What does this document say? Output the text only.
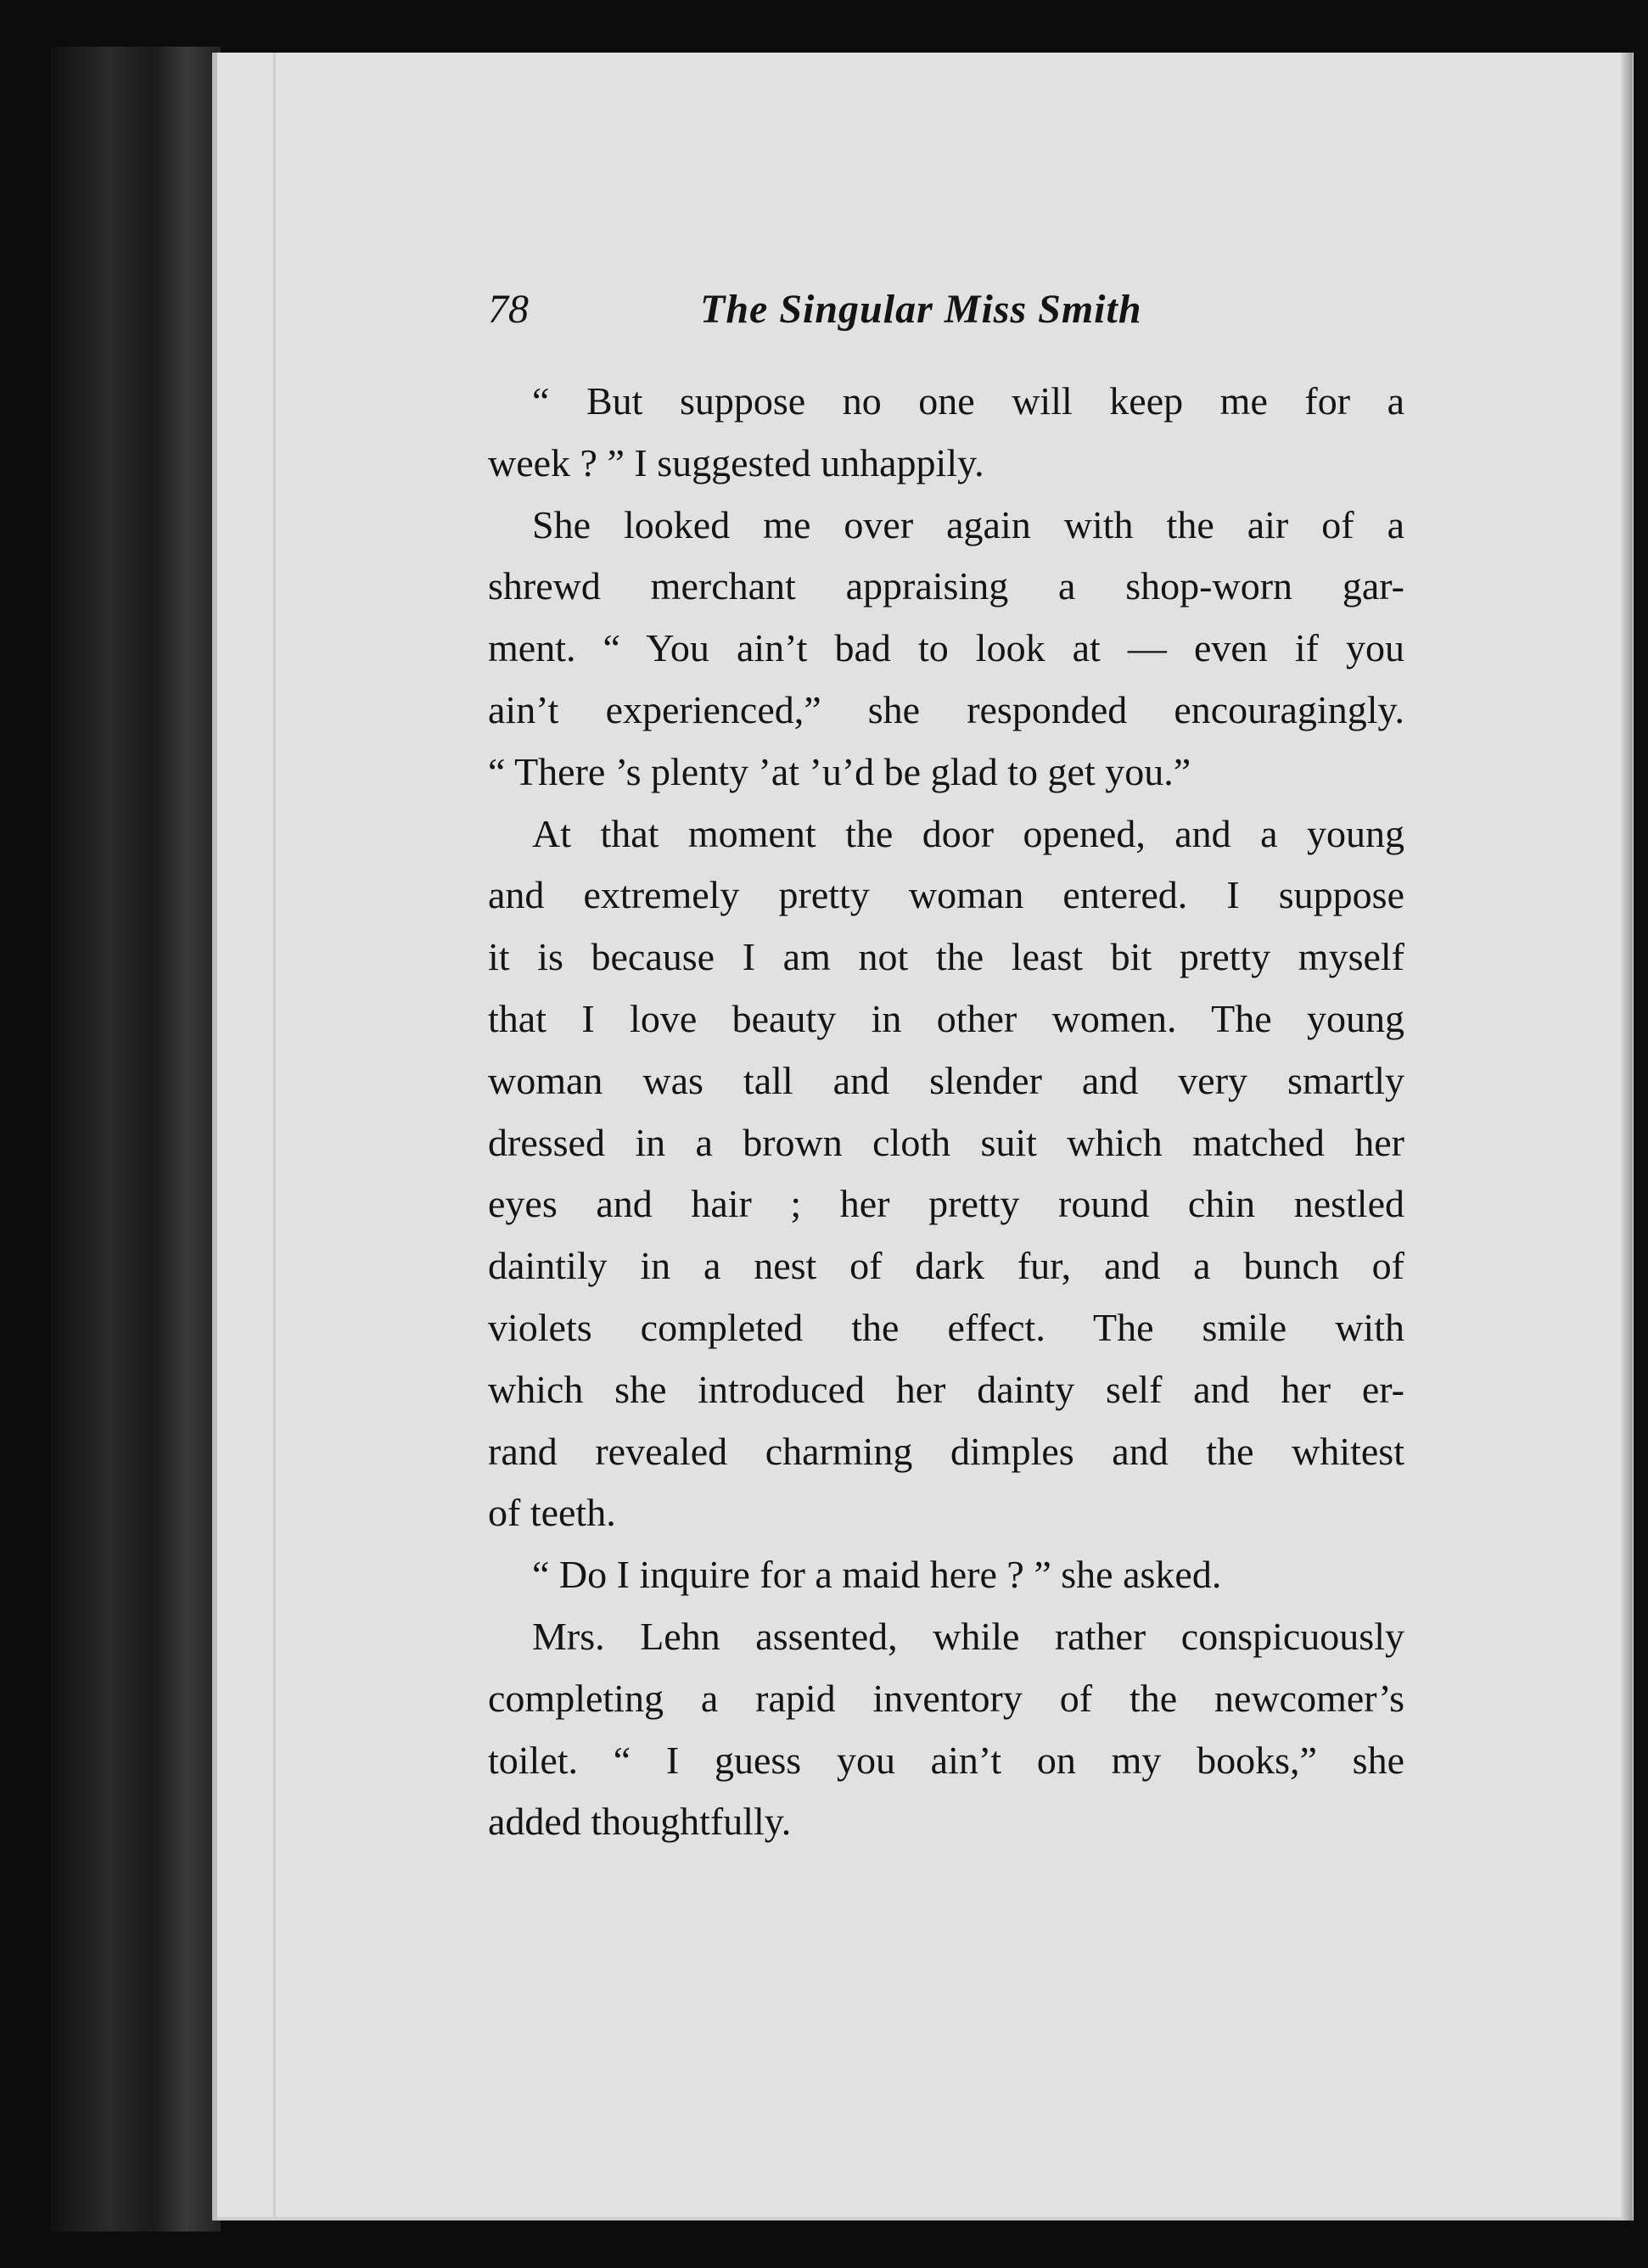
78	The Singular Miss Smith
“ But suppose no one will keep me for a
week ? ” I suggested unhappily.
She looked me over again with the air of a
shrewd merchant appraising a shop-worn gar-
ment. “ You ain’t bad to look at — even if you
ain’t experienced,” she responded encouragingly.
“ There ’s plenty ’at ’u’d be glad to get you.”
At that moment the door opened, and a young
and extremely pretty woman entered. I suppose
it is because I am not the least bit pretty myself
that I love beauty in other women. The young
woman was tall and slender and very smartly
dressed in a brown cloth suit which matched her
eyes and hair ; her pretty round chin nestled
daintily in a nest of dark fur, and a bunch of
violets completed the effect. The smile with
which she introduced her dainty self and her er-
rand revealed charming dimples and the whitest
of teeth.
“ Do I inquire for a maid here ? ” she asked.
Mrs. Lehn assented, while rather conspicuously
completing a rapid inventory of the newcomer’s
toilet. “ I guess you ain’t on my books,” she
added thoughtfully.
